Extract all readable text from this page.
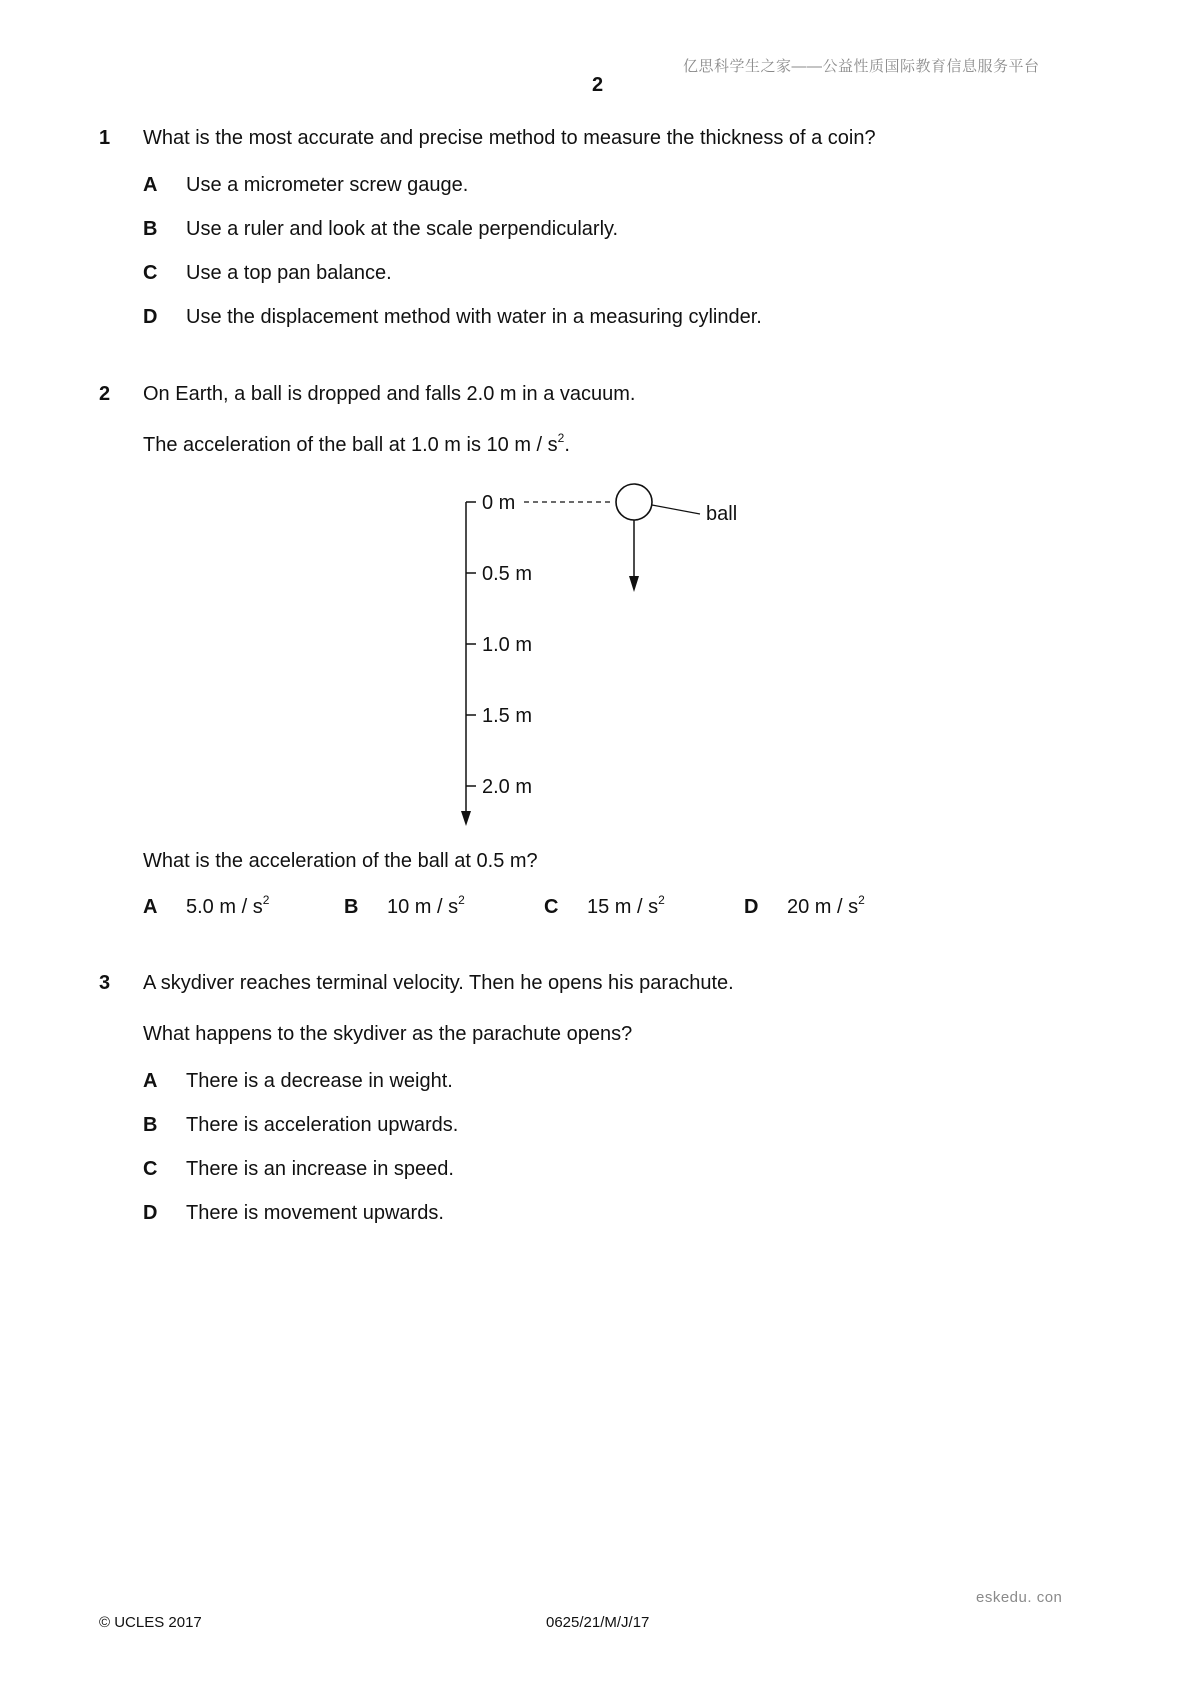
亿思科学生之家——公益性质国际教育信息服务平台
2
1 What is the most accurate and precise method to measure the thickness of a coin?
A Use a micrometer screw gauge.
B Use a ruler and look at the scale perpendicularly.
C Use a top pan balance.
D Use the displacement method with water in a measuring cylinder.
2 On Earth, a ball is dropped and falls 2.0 m in a vacuum.
The acceleration of the ball at 1.0 m is 10 m / $s^2$.
0 m
0.5 m
1.0 m
1.5 m
2.0 m
ball
What is the acceleration of the ball at 0.5 m?
A 5.0 m / $s^2$	B 10 m / $s^2$	C 15 m / $s^2$	D 20 m / $s^2$
3 A skydiver reaches terminal velocity. Then he opens his parachute.
What happens to the skydiver as the parachute opens?
A There is a decrease in weight.
B There is acceleration upwards.
C There is an increase in speed.
D There is movement upwards.
eskedu. con
© UCLES 2017	0625/21/M/J/17
